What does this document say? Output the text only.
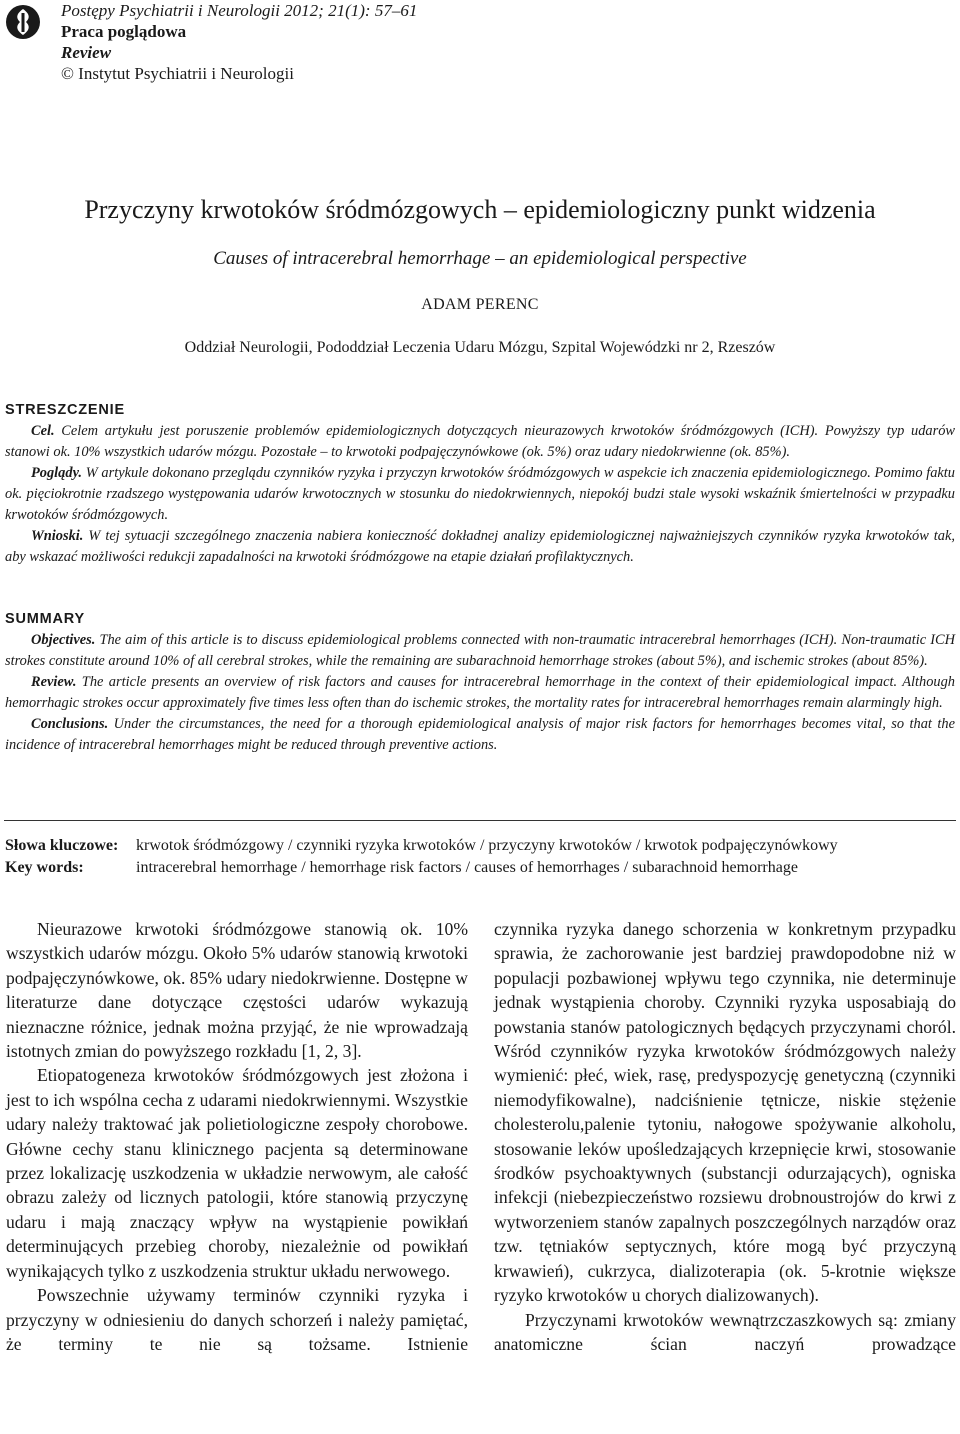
Postępy Psychiatrii i Neurologii 2012; 21(1): 57–61
Praca poglądowa
Review
© Instytut Psychiatrii i Neurologii
Przyczyny krwotoków śródmózgowych – epidemiologiczny punkt widzenia
Causes of intracerebral hemorrhage – an epidemiological perspective
ADAM PERENC
Oddział Neurologii, Pododdział Leczenia Udaru Mózgu, Szpital Wojewódzki nr 2, Rzeszów
STRESZCZENIE

Cel. Celem artykułu jest poruszenie problemów epidemiologicznych dotyczących nieurazowych krwotoków śródmózgowych (ICH). Powyższy typ udarów stanowi ok. 10% wszystkich udarów mózgu. Pozostałe – to krwotoki podpajęczynówkowe (ok. 5%) oraz udary niedokrwienne (ok. 85%).

Poglądy. W artykule dokonano przeglądu czynników ryzyka i przyczyn krwotoków śródmózgowych w aspekcie ich znaczenia epidemiologicznego. Pomimo faktu ok. pięciokrotnie rzadszego występowania udarów krwotocznych w stosunku do niedokrwiennych, niepokój budzi stale wysoki wskaźnik śmiertelności w przypadku krwotoków śródmózgowych.

Wnioski. W tej sytuacji szczególnego znaczenia nabiera konieczność dokładnej analizy epidemiologicznej najważniejszych czynników ryzyka krwotoków tak, aby wskazać możliwości redukcji zapadalności na krwotoki śródmózgowe na etapie działań profilaktycznych.

SUMMARY

Objectives. The aim of this article is to discuss epidemiological problems connected with non-traumatic intracerebral hemorrhages (ICH). Non-traumatic ICH strokes constitute around 10% of all cerebral strokes, while the remaining are subarachnoid hemorrhage strokes (about 5%), and ischemic strokes (about 85%).

Review. The article presents an overview of risk factors and causes for intracerebral hemorrhage in the context of their epidemiological impact. Although hemorrhagic strokes occur approximately five times less often than do ischemic strokes, the mortality rates for intracerebral hemorrhages remain alarmingly high.

Conclusions. Under the circumstances, the need for a thorough epidemiological analysis of major risk factors for hemorrhages becomes vital, so that the incidence of intracerebral hemorrhages might be reduced through preventive actions.

Słowa kluczowe: krwotok śródmózgowy / czynniki ryzyka krwotoków / przyczyny krwotoków / krwotok podpajęczynówkowy
Key words:	intracerebral hemorrhage / hemorrhage risk factors / causes of hemorrhages / subarachnoid hemorrhage

Nieurazowe krwotoki śródmózgowe stanowią ok. 10% wszystkich udarów mózgu. Około 5% udarów stanowią krwotoki podpajęczynówkowe, ok. 85% udary niedokrwienne. Dostępne w literaturze dane dotyczące częstości udarów wykazują nieznaczne różnice, jednak można przyjąć, że nie wprowadzają istotnych zmian do powyższego rozkładu [1, 2, 3].

Etiopatogeneza krwotoków śródmózgowych jest złożona i jest to ich wspólna cecha z udarami niedokrwiennymi. Wszystkie udary należy traktować jak polietiologiczne zespoły chorobowe. Główne cechy stanu klinicznego pacjenta są determinowane przez lokalizację uszkodzenia w układzie nerwowym, ale całość obrazu zależy od licznych patologii, które stanowią przyczynę udaru i mają znaczący wpływ na wystąpienie powikłań determinujących przebieg choroby, niezależnie od powikłań wynikających tylko z uszkodzenia struktur układu nerwowego.

Powszechnie używamy terminów czynniki ryzyka i przyczyny w odniesieniu do danych schorzeń i należy pamiętać, że terminy te nie są tożsame. Istnienie

czynnika ryzyka danego schorzenia w konkretnym przypadku sprawia, że zachorowanie jest bardziej prawdopodobne niż w populacji pozbawionej wpływu tego czynnika, nie determinuje jednak wystąpienia choroby. Czynniki ryzyka usposabiają do powstania stanów patologicznych będących przyczynami choról. Wśród czynników ryzyka krwotoków śródmózgowych należy wymienić: płeć, wiek, rasę, predyspozycję genetyczną (czynniki niemodyfikowalne), nadciśnienie tętnicze, niskie stężenie cholesterolu,palenie tytoniu, nałogowe spożywanie alkoholu, stosowanie leków upośledzających krzepnięcie krwi, stosowanie środków psychoaktywnych (substancji odurzających), ogniska infekcji (niebezpieczeństwo rozsiewu drobnoustrojów do krwi z wytworzeniem stanów zapalnych poszczególnych narządów oraz tzw. tętniaków septycznych, które mogą być przyczyną krwawień), cukrzyca, dializoterapia (ok. 5-krotnie większe ryzyko krwotoków u chorych dializowanych).

Przyczynami krwotoków wewnątrzczaszkowych są: zmiany anatomiczne ścian naczyń prowadzące
